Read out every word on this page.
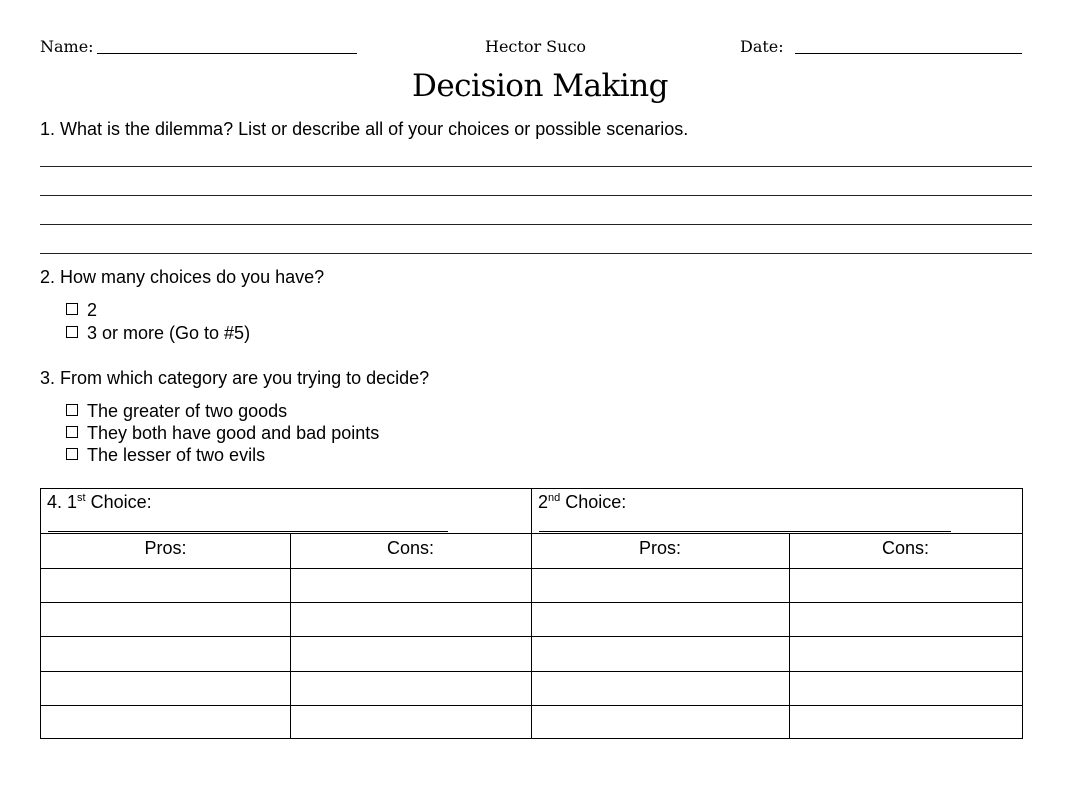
Name:	Hector Suco	Date:
Decision Making
1. What is the dilemma? List or describe all of your choices or possible scenarios.
2. How many choices do you have?
2
3 or more (Go to #5)
3. From which category are you trying to decide?
The greater of two goods
They both have good and bad points
The lesser of two evils
4. 1st Choice:	2nd Choice:
Pros:	Cons:	Pros:	Cons:
